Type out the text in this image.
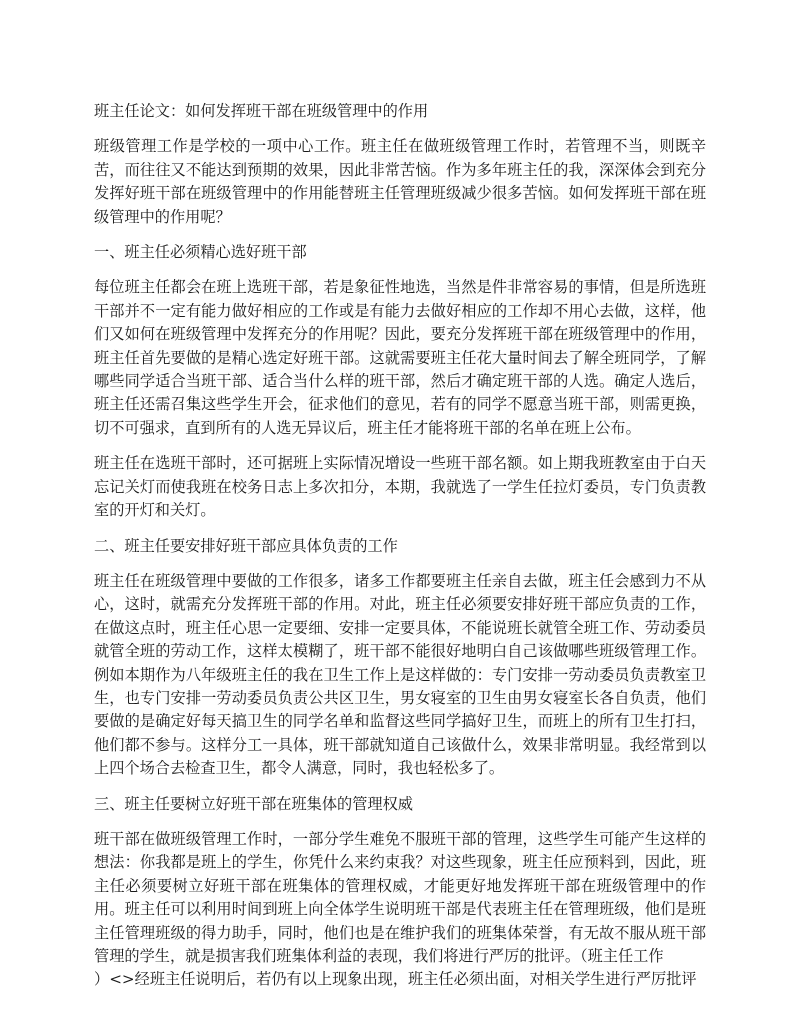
班主任论文：如何发挥班干部在班级管理中的作用
班级管理工作是学校的一项中心工作。班主任在做班级管理工作时，若管理不当，则既辛苦，而往往又不能达到预期的效果，因此非常苦恼。作为多年班主任的我，深深体会到充分发挥好班干部在班级管理中的作用能替班主任管理班级减少很多苦恼。如何发挥班干部在班级管理中的作用呢？
一、班主任必须精心选好班干部
每位班主任都会在班上选班干部，若是象征性地选，当然是件非常容易的事情，但是所选班干部并不一定有能力做好相应的工作或是有能力去做好相应的工作却不用心去做，这样，他们又如何在班级管理中发挥充分的作用呢？因此，要充分发挥班干部在班级管理中的作用，班主任首先要做的是精心选定好班干部。这就需要班主任花大量时间去了解全班同学，了解哪些同学适合当班干部、适合当什么样的班干部，然后才确定班干部的人选。确定人选后，班主任还需召集这些学生开会，征求他们的意见，若有的同学不愿意当班干部，则需更换，切不可强求，直到所有的人选无异议后，班主任才能将班干部的名单在班上公布。
班主任在选班干部时，还可据班上实际情况增设一些班干部名额。如上期我班教室由于白天忘记关灯而使我班在校务日志上多次扣分，本期，我就选了一学生任拉灯委员，专门负责教室的开灯和关灯。
二、班主任要安排好班干部应具体负责的工作
班主任在班级管理中要做的工作很多，诸多工作都要班主任亲自去做，班主任会感到力不从心，这时，就需充分发挥班干部的作用。对此，班主任必须要安排好班干部应负责的工作，在做这点时，班主任心思一定要细、安排一定要具体，不能说班长就管全班工作、劳动委员就管全班的劳动工作，这样太模糊了，班干部不能很好地明白自己该做哪些班级管理工作。例如本期作为八年级班主任的我在卫生工作上是这样做的：专门安排一劳动委员负责教室卫生，也专门安排一劳动委员负责公共区卫生，男女寝室的卫生由男女寝室长各自负责，他们要做的是确定好每天搞卫生的同学名单和监督这些同学搞好卫生，而班上的所有卫生打扫，他们都不参与。这样分工一具体，班干部就知道自己该做什么，效果非常明显。我经常到以上四个场合去检查卫生，都令人满意，同时，我也轻松多了。
三、班主任要树立好班干部在班集体的管理权威
班干部在做班级管理工作时，一部分学生难免不服班干部的管理，这些学生可能产生这样的想法：你我都是班上的学生，你凭什么来约束我？对这些现象，班主任应预料到，因此，班主任必须要树立好班干部在班集体的管理权威，才能更好地发挥班干部在班级管理中的作用。班主任可以利用时间到班上向全体学生说明班干部是代表班主任在管理班级，他们是班主任管理班级的得力助手，同时，他们也是在维护我们的班集体荣誉，有无故不服从班干部管理的学生，就是损害我们班集体利益的表现，我们将进行严厉的批评。（班主任工作
）<>经班主任说明后，若仍有以上现象出现，班主任必须出面，对相关学生进行严厉批评
